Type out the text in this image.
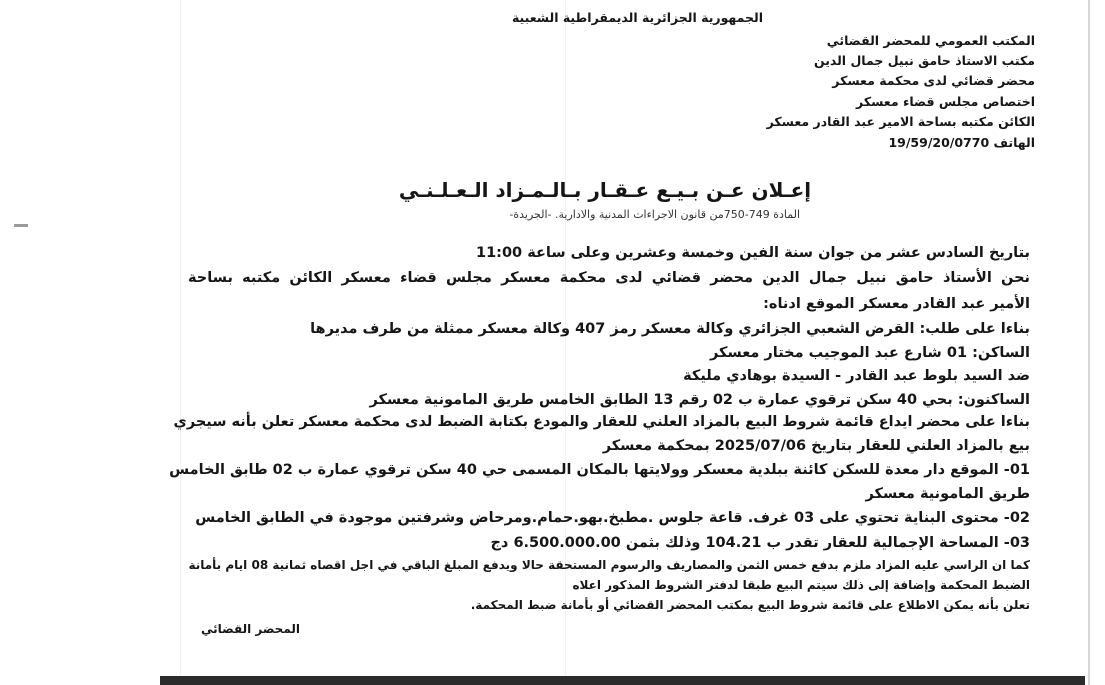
الجمهورية الجزائرية الديمقراطية الشعبية
المكتب العمومي للمحضر القضائي
مكتب الاستاذ حامق نبيل جمال الدين
محضر قضائي لدى محكمة معسكر
اختصاص مجلس قضاء معسكر
الكائن مكتبه بساحة الامير عبد القادر معسكر
الهاتف 19/59/20/0770
إعـلان عـن بـيـع عـقـار بـالـمـزاد الـعـلـنـي
المادة 749-750من قانون الاجراءات المدنية والادارية. -الجريدة-
بتاريخ السادس عشر من جوان سنة الفين وخمسة وعشرين وعلى ساعة 11:00
نحن الأستاذ حامق نبيل جمال الدين محضر قضائي لدى محكمة معسكر مجلس قضاء معسكر الكائن مكتبه بساحة
الأمير عبد القادر معسكر الموقع ادناه:
بناءا على طلب: القرض الشعبي الجزائري وكالة معسكر رمز 407 وكالة معسكر ممثلة من طرف مديرها
الساكن: 01 شارع عبد الموجيب مختار معسكر
ضد السيد بلوط عبد القادر - السيدة بوهادي مليكة
الساكنون: بحي 40 سكن ترقوي عمارة ب 02 رقم 13 الطابق الخامس طريق المامونية معسكر
بناءا على محضر ايداع قائمة شروط البيع بالمزاد العلني للعقار والمودع بكتابة الضبط لدى محكمة معسكر تعلن بأنه سيجري
بيع بالمزاد العلني للعقار بتاريخ 2025/07/06 بمحكمة معسكر
01- الموقع دار معدة للسكن كائنة ببلدية معسكر وولايتها بالمكان المسمى حي 40 سكن ترقوي عمارة ب 02 طابق الخامس
طريق المامونية معسكر
02- محتوى البناية تحتوي على 03 غرف. قاعة جلوس .مطبخ.بهو.حمام.ومرحاض وشرفتين موجودة في الطابق الخامس
03- المساحة الإجمالية للعقار تقدر ب 104.21 وذلك بثمن 6.500.000.00 دج
كما ان الراسي عليه المزاد ملزم بدفع خمس الثمن والمصاريف والرسوم المستحقة حالا ويدفع المبلغ الباقي في اجل اقصاه ثمانية 08 ايام بأمانة
الضبط المحكمة وإضافة إلى ذلك سيتم البيع طبقا لدفتر الشروط المذكور اعلاه
تعلن بأنه يمكن الاطلاع على قائمة شروط البيع بمكتب المحضر القضائي أو بأمانة ضبط المحكمة.
المحضر القضائي
